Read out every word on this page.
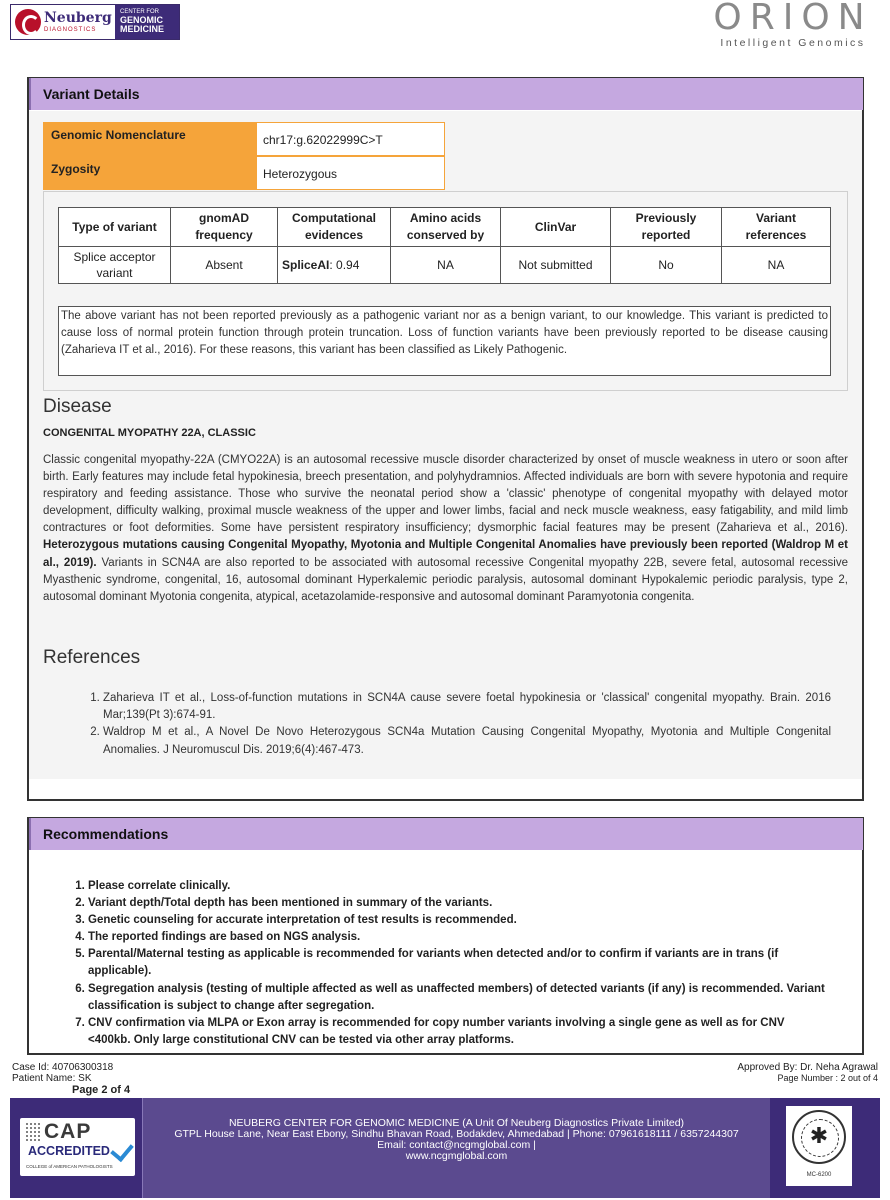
Neuberg
DIAGNOSTICS
CENTER FOR
GENOMIC
MEDICINE	ORION
Intelligent Genomics
Variant Details
Genomic Nomenclature	chr17:g.62022999C>T
Zygosity	Heterozygous
Type of variant	gnomAD frequency	Computational evidences	Amino acids conserved by	ClinVar	Previously reported	Variant references
Splice acceptor variant	Absent	SpliceAI: 0.94	NA	Not submitted	No	NA
The above variant has not been reported previously as a pathogenic variant nor as a benign variant, to our knowledge. This variant is predicted to cause loss of normal protein function through protein truncation. Loss of function variants have been previously reported to be disease causing (Zaharieva IT et al., 2016). For these reasons, this variant has been classified as Likely Pathogenic.
Disease
CONGENITAL MYOPATHY 22A, CLASSIC
Classic congenital myopathy-22A (CMYO22A) is an autosomal recessive muscle disorder characterized by onset of muscle weakness in utero or soon after birth. Early features may include fetal hypokinesia, breech presentation, and polyhydramnios. Affected individuals are born with severe hypotonia and require respiratory and feeding assistance. Those who survive the neonatal period show a 'classic' phenotype of congenital myopathy with delayed motor development, difficulty walking, proximal muscle weakness of the upper and lower limbs, facial and neck muscle weakness, easy fatigability, and mild limb contractures or foot deformities. Some have persistent respiratory insufficiency; dysmorphic facial features may be present (Zaharieva et al., 2016). Heterozygous mutations causing Congenital Myopathy, Myotonia and Multiple Congenital Anomalies have previously been reported (Waldrop M et al., 2019). Variants in SCN4A are also reported to be associated with autosomal recessive Congenital myopathy 22B, severe fetal, autosomal recessive Myasthenic syndrome, congenital, 16, autosomal dominant Hyperkalemic periodic paralysis, autosomal dominant Hypokalemic periodic paralysis, type 2, autosomal dominant Myotonia congenita, atypical, acetazolamide-responsive and autosomal dominant Paramyotonia congenita.
References
1. Zaharieva IT et al., Loss-of-function mutations in SCN4A cause severe foetal hypokinesia or 'classical' congenital myopathy. Brain. 2016 Mar;139(Pt 3):674-91.
2. Waldrop M et al., A Novel De Novo Heterozygous SCN4a Mutation Causing Congenital Myopathy, Myotonia and Multiple Congenital Anomalies. J Neuromuscul Dis. 2019;6(4):467-473.
Recommendations
1. Please correlate clinically.
2. Variant depth/Total depth has been mentioned in summary of the variants.
3. Genetic counseling for accurate interpretation of test results is recommended.
4. The reported findings are based on NGS analysis.
5. Parental/Maternal testing as applicable is recommended for variants when detected and/or to confirm if variants are in trans (if applicable).
6. Segregation analysis (testing of multiple affected as well as unaffected members) of detected variants (if any) is recommended. Variant classification is subject to change after segregation.
7. CNV confirmation via MLPA or Exon array is recommended for copy number variants involving a single gene as well as for CNV <400kb. Only large constitutional CNV can be tested via other array platforms.
Case Id: 40706300318
Patient Name: SK
Page 2 of 4
Approved By: Dr. Neha Agrawal
Page Number : 2 out of 4
CAP
ACCREDITED
COLLEGE of AMERICAN PATHOLOGISTS
NEUBERG CENTER FOR GENOMIC MEDICINE (A Unit Of Neuberg Diagnostics Private Limited)
GTPL House Lane, Near East Ebony, Sindhu Bhavan Road, Bodakdev, Ahmedabad | Phone: 07961618111 / 6357244307
Email: contact@ncgmglobal.com |
www.ncgmglobal.com
✱
MC-6200
